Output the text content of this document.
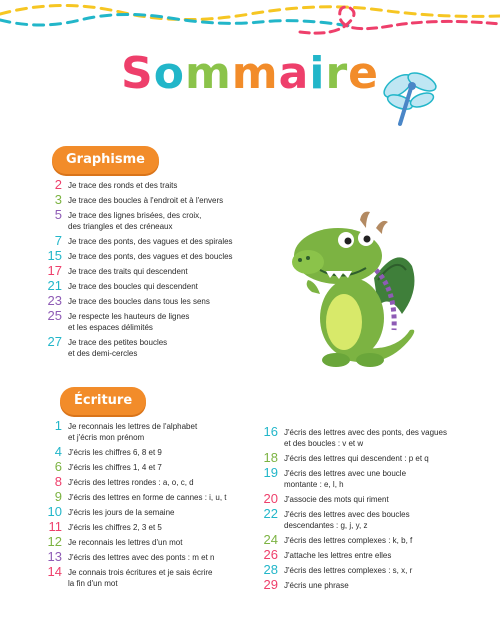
Sommaire
Graphisme
Écriture
2 Je trace des ronds et des traits
3 Je trace des boucles à l'endroit et à l'envers
5 Je trace des lignes brisées, des croix,
des triangles et des créneaux
7 Je trace des ponts, des vagues et des spirales
15 Je trace des ponts, des vagues et des boucles
17 Je trace des traits qui descendent
21 Je trace des boucles qui descendent
23 Je trace des boucles dans tous les sens
25 Je respecte les hauteurs de lignes
et les espaces délimités
27 Je trace des petites boucles
et des demi-cercles
1 Je reconnais les lettres de l'alphabet
et j'écris mon prénom
4 J'écris les chiffres 6, 8 et 9
6 J'écris les chiffres 1, 4 et 7
8 J'écris des lettres rondes : a, o, c, d
9 J'écris des lettres en forme de cannes : i, u, t
10 J'écris les jours de la semaine
11 J'écris les chiffres 2, 3 et 5
12 Je reconnais les lettres d'un mot
13 J'écris des lettres avec des ponts : m et n
14 Je connais trois écritures et je sais écrire
la fin d'un mot
16 J'écris des lettres avec des ponts, des vagues
et des boucles : v et w
18 J'écris des lettres qui descendent : p et q
19 J'écris des lettres avec une boucle
montante : e, l, h
20 J'associe des mots qui riment
22 J'écris des lettres avec des boucles
descendantes : g, j, y, z
24 J'écris des lettres complexes : k, b, f
26 J'attache les lettres entre elles
28 J'écris des lettres complexes : s, x, r
29 J'écris une phrase
